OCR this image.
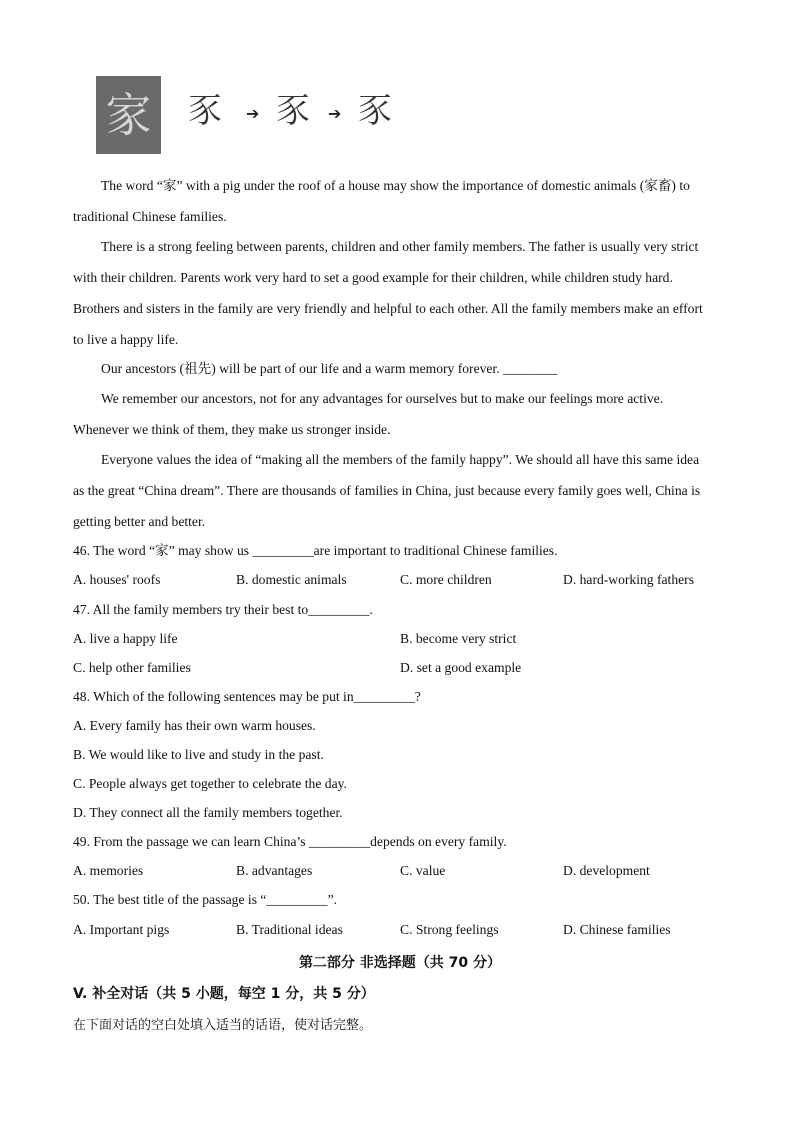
家 豕 ➔ 豕 ➔ 豕
The word “家” with a pig under the roof of a house may show the importance of domestic animals (家畜) to
traditional Chinese families.
There is a strong feeling between parents, children and other family members. The father is usually very strict
with their children. Parents work very hard to set a good example for their children, while children study hard.
Brothers and sisters in the family are very friendly and helpful to each other. All the family members make an effort
to live a happy life.
Our ancestors (祖先) will be part of our life and a warm memory forever. ________
We remember our ancestors, not for any advantages for ourselves but to make our feelings more active.
Whenever we think of them, they make us stronger inside.
Everyone values the idea of “making all the members of the family happy”. We should all have this same idea
as the great “China dream”. There are thousands of families in China, just because every family goes well, China is
getting better and better.
46. The word “家” may show us _________are important to traditional Chinese families.
A. houses' roofs	B. domestic animals	C. more children	D. hard-working fathers
47. All the family members try their best to_________.
A. live a happy life	B. become very strict
C. help other families	D. set a good example
48. Which of the following sentences may be put in_________?
A. Every family has their own warm houses.
B. We would like to live and study in the past.
C. People always get together to celebrate the day.
D. They connect all the family members together.
49. From the passage we can learn China’s _________depends on every family.
A. memories	B. advantages	C. value	D. development
50. The best title of the passage is “_________”.
A. Important pigs	B. Traditional ideas	C. Strong feelings	D. Chinese families
第二部分 非选择题（共 70 分）
V. 补全对话（共 5 小题，每空 1 分，共 5 分）
在下面对话的空白处填入适当的话语，使对话完整。
